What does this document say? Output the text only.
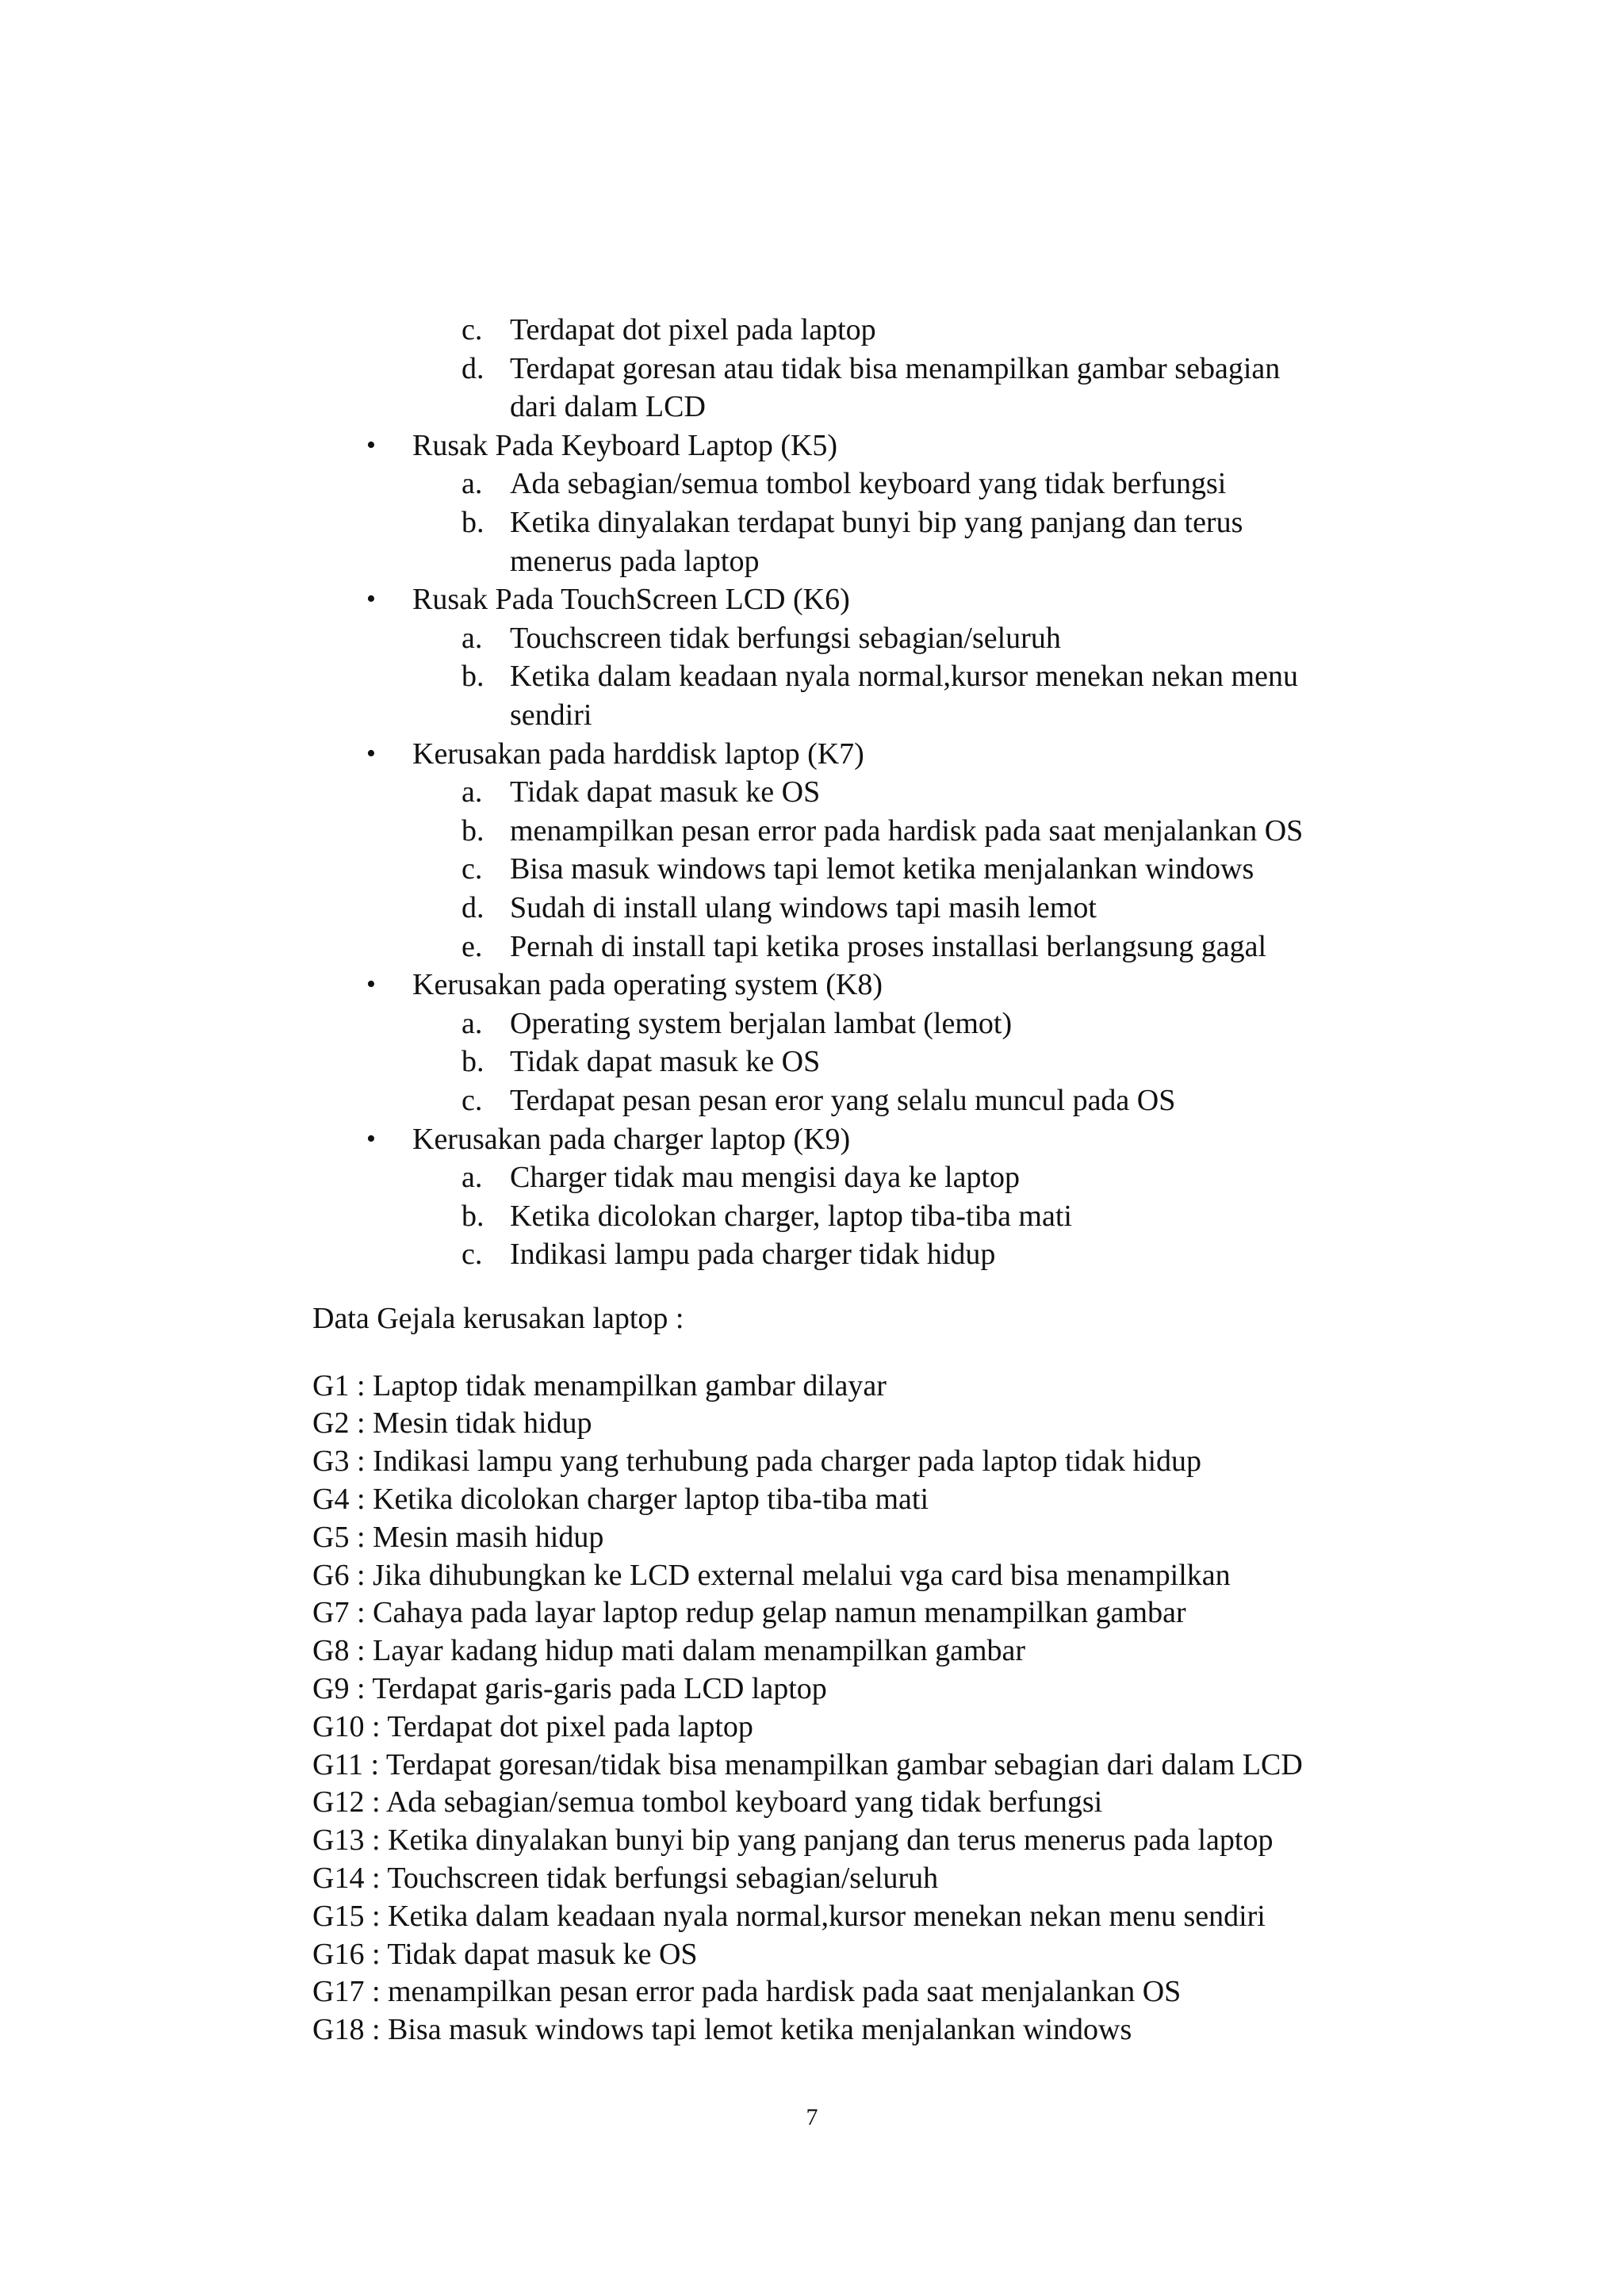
c. Terdapat dot pixel pada laptop
d. Terdapat goresan atau tidak bisa menampilkan gambar sebagian
dari dalam LCD
• Rusak Pada Keyboard Laptop (K5)
a. Ada sebagian/semua tombol keyboard yang tidak berfungsi
b. Ketika dinyalakan terdapat bunyi bip yang panjang dan terus
menerus pada laptop
• Rusak Pada TouchScreen LCD (K6)
a. Touchscreen tidak berfungsi sebagian/seluruh
b. Ketika dalam keadaan nyala normal,kursor menekan nekan menu
sendiri
• Kerusakan pada harddisk laptop (K7)
a. Tidak dapat masuk ke OS
b. menampilkan pesan error pada hardisk pada saat menjalankan OS
c. Bisa masuk windows tapi lemot ketika menjalankan windows
d. Sudah di install ulang windows tapi masih lemot
e. Pernah di install tapi ketika proses installasi berlangsung gagal
• Kerusakan pada operating system (K8)
a. Operating system berjalan lambat (lemot)
b. Tidak dapat masuk ke OS
c. Terdapat pesan pesan eror yang selalu muncul pada OS
• Kerusakan pada charger laptop (K9)
a. Charger tidak mau mengisi daya ke laptop
b. Ketika dicolokan charger, laptop tiba-tiba mati
c. Indikasi lampu pada charger tidak hidup
Data Gejala kerusakan laptop :
G1 : Laptop tidak menampilkan gambar dilayar
G2 : Mesin tidak hidup
G3 : Indikasi lampu yang terhubung pada charger pada laptop tidak hidup
G4 : Ketika dicolokan charger laptop tiba-tiba mati
G5 : Mesin masih hidup
G6 : Jika dihubungkan ke LCD external melalui vga card bisa menampilkan
G7 : Cahaya pada layar laptop redup gelap namun menampilkan gambar
G8 : Layar kadang hidup mati dalam menampilkan gambar
G9 : Terdapat garis-garis pada LCD laptop
G10 : Terdapat dot pixel pada laptop
G11 : Terdapat goresan/tidak bisa menampilkan gambar sebagian dari dalam LCD
G12 : Ada sebagian/semua tombol keyboard yang tidak berfungsi
G13 : Ketika dinyalakan bunyi bip yang panjang dan terus menerus pada laptop
G14 : Touchscreen tidak berfungsi sebagian/seluruh
G15 : Ketika dalam keadaan nyala normal,kursor menekan nekan menu sendiri
G16 : Tidak dapat masuk ke OS
G17 : menampilkan pesan error pada hardisk pada saat menjalankan OS
G18 : Bisa masuk windows tapi lemot ketika menjalankan windows
7
